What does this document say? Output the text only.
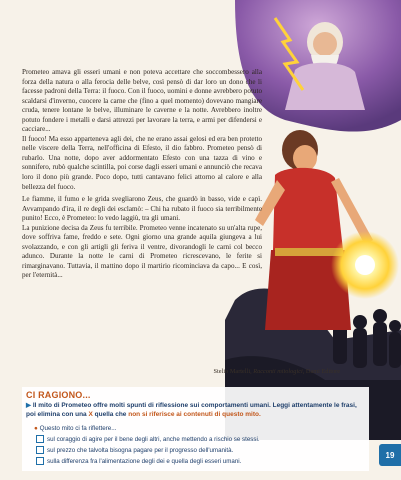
Prometeo amava gli esseri umani e non poteva accettare che soccombessero alla forza della natura o alla ferocia delle belve, così pensò di dar loro un dono che li facesse padroni della Terra: il fuoco. Con il fuoco, uomini e donne avrebbero potuto scaldarsi d'inverno, cuocere la carne che (fino a quel momento) dovevano mangiare cruda, tenere lontane le belve, illuminare le caverne e la notte. Avrebbero inoltre potuto fondere i metalli e darsi attrezzi per lavorare la terra, e armi per difendersi e cacciare...

Il fuoco! Ma esso apparteneva agli dei, che ne erano assai gelosi ed era ben protetto nelle viscere della Terra, nell'officina di Efesto, il dio fabbro. Prometeo pensò di rubarlo. Una notte, dopo aver addormentato Efesto con una tazza di vino e sonnifero, rubò qualche scintilla, poi corse dagli esseri umani e annunciò che recava loro il dono più grande. Poco dopo, tutti cantavano felici attorno al calore e alla bellezza del fuoco.

Le fiamme, il fumo e le grida svegliarono Zeus, che guardò in basso, vide e capì. Avvampando d'ira, il re degli dei esclamò: – Chi ha rubato il fuoco sia terribilmente punito! Ecco, è Prometeo: lo vedo laggiù, tra gli umani.

La punizione decisa da Zeus fu terribile. Prometeo venne incatenato su un'alta rupe, dove soffriva fame, freddo e sete. Ogni giorno una grande aquila giungeva a lui svolazzando, e con gli artigli gli feriva il ventre, divorandogli le carni col becco adunco. Durante la notte le carni di Prometeo ricrescevano, le ferite si rimarginavano. Tuttavia, il mattino dopo il martirio ricominciava da capo... E così, per l'eternità...

Stelio Martelli, Racconti mitologici, Dami Editore
CI RAGIONO...
▶ Il mito di Prometeo offre molti spunti di riflessione sui comportamenti umani. Leggi attentamente le frasi, poi elimina con una X quella che non si riferisce ai contenuti di questo mito.
● Questo mito ci fa riflettere...
sul coraggio di agire per il bene degli altri, anche mettendo a rischio se stessi.
sul prezzo che talvolta bisogna pagare per il progresso dell'umanità.
sulla differenza fra l'alimentazione degli dei e quella degli esseri umani.
19
